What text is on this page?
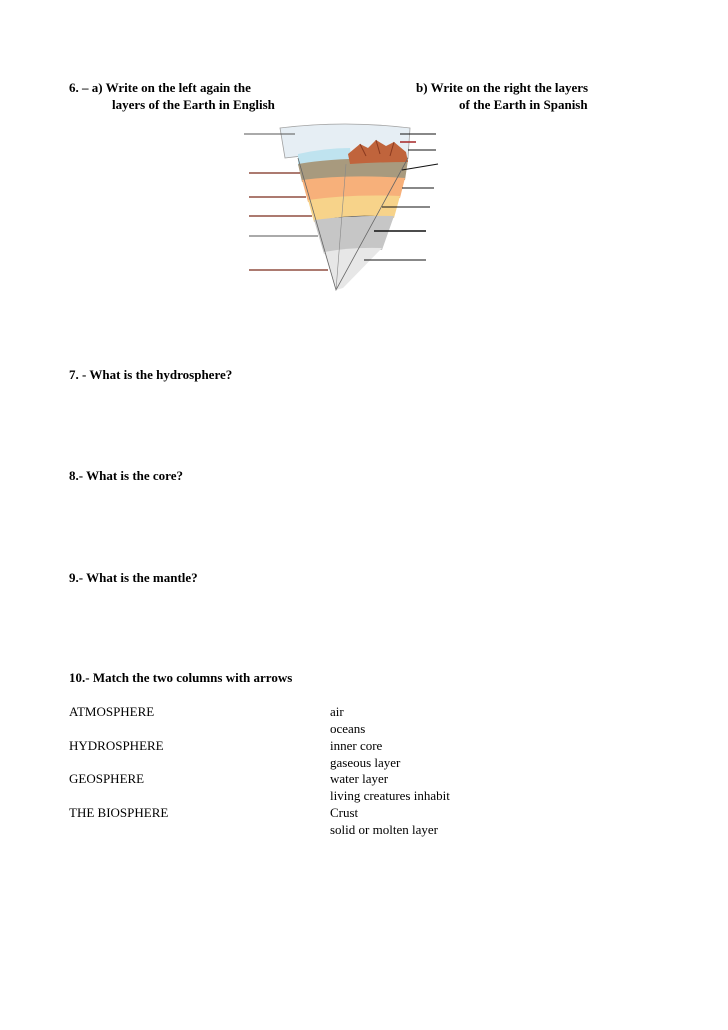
6. – a) Write on the left again the
layers of the Earth in English
b) Write on the right the layers
of the Earth in Spanish
7. - What is the hydrosphere?
8.- What is the core?
9.- What is the mantle?
10.- Match the two columns with arrows
ATMOSPHERE
HYDROSPHERE
GEOSPHERE
THE BIOSPHERE
air
oceans
inner core
gaseous layer
water layer
living creatures inhabit
Crust
solid or molten layer
